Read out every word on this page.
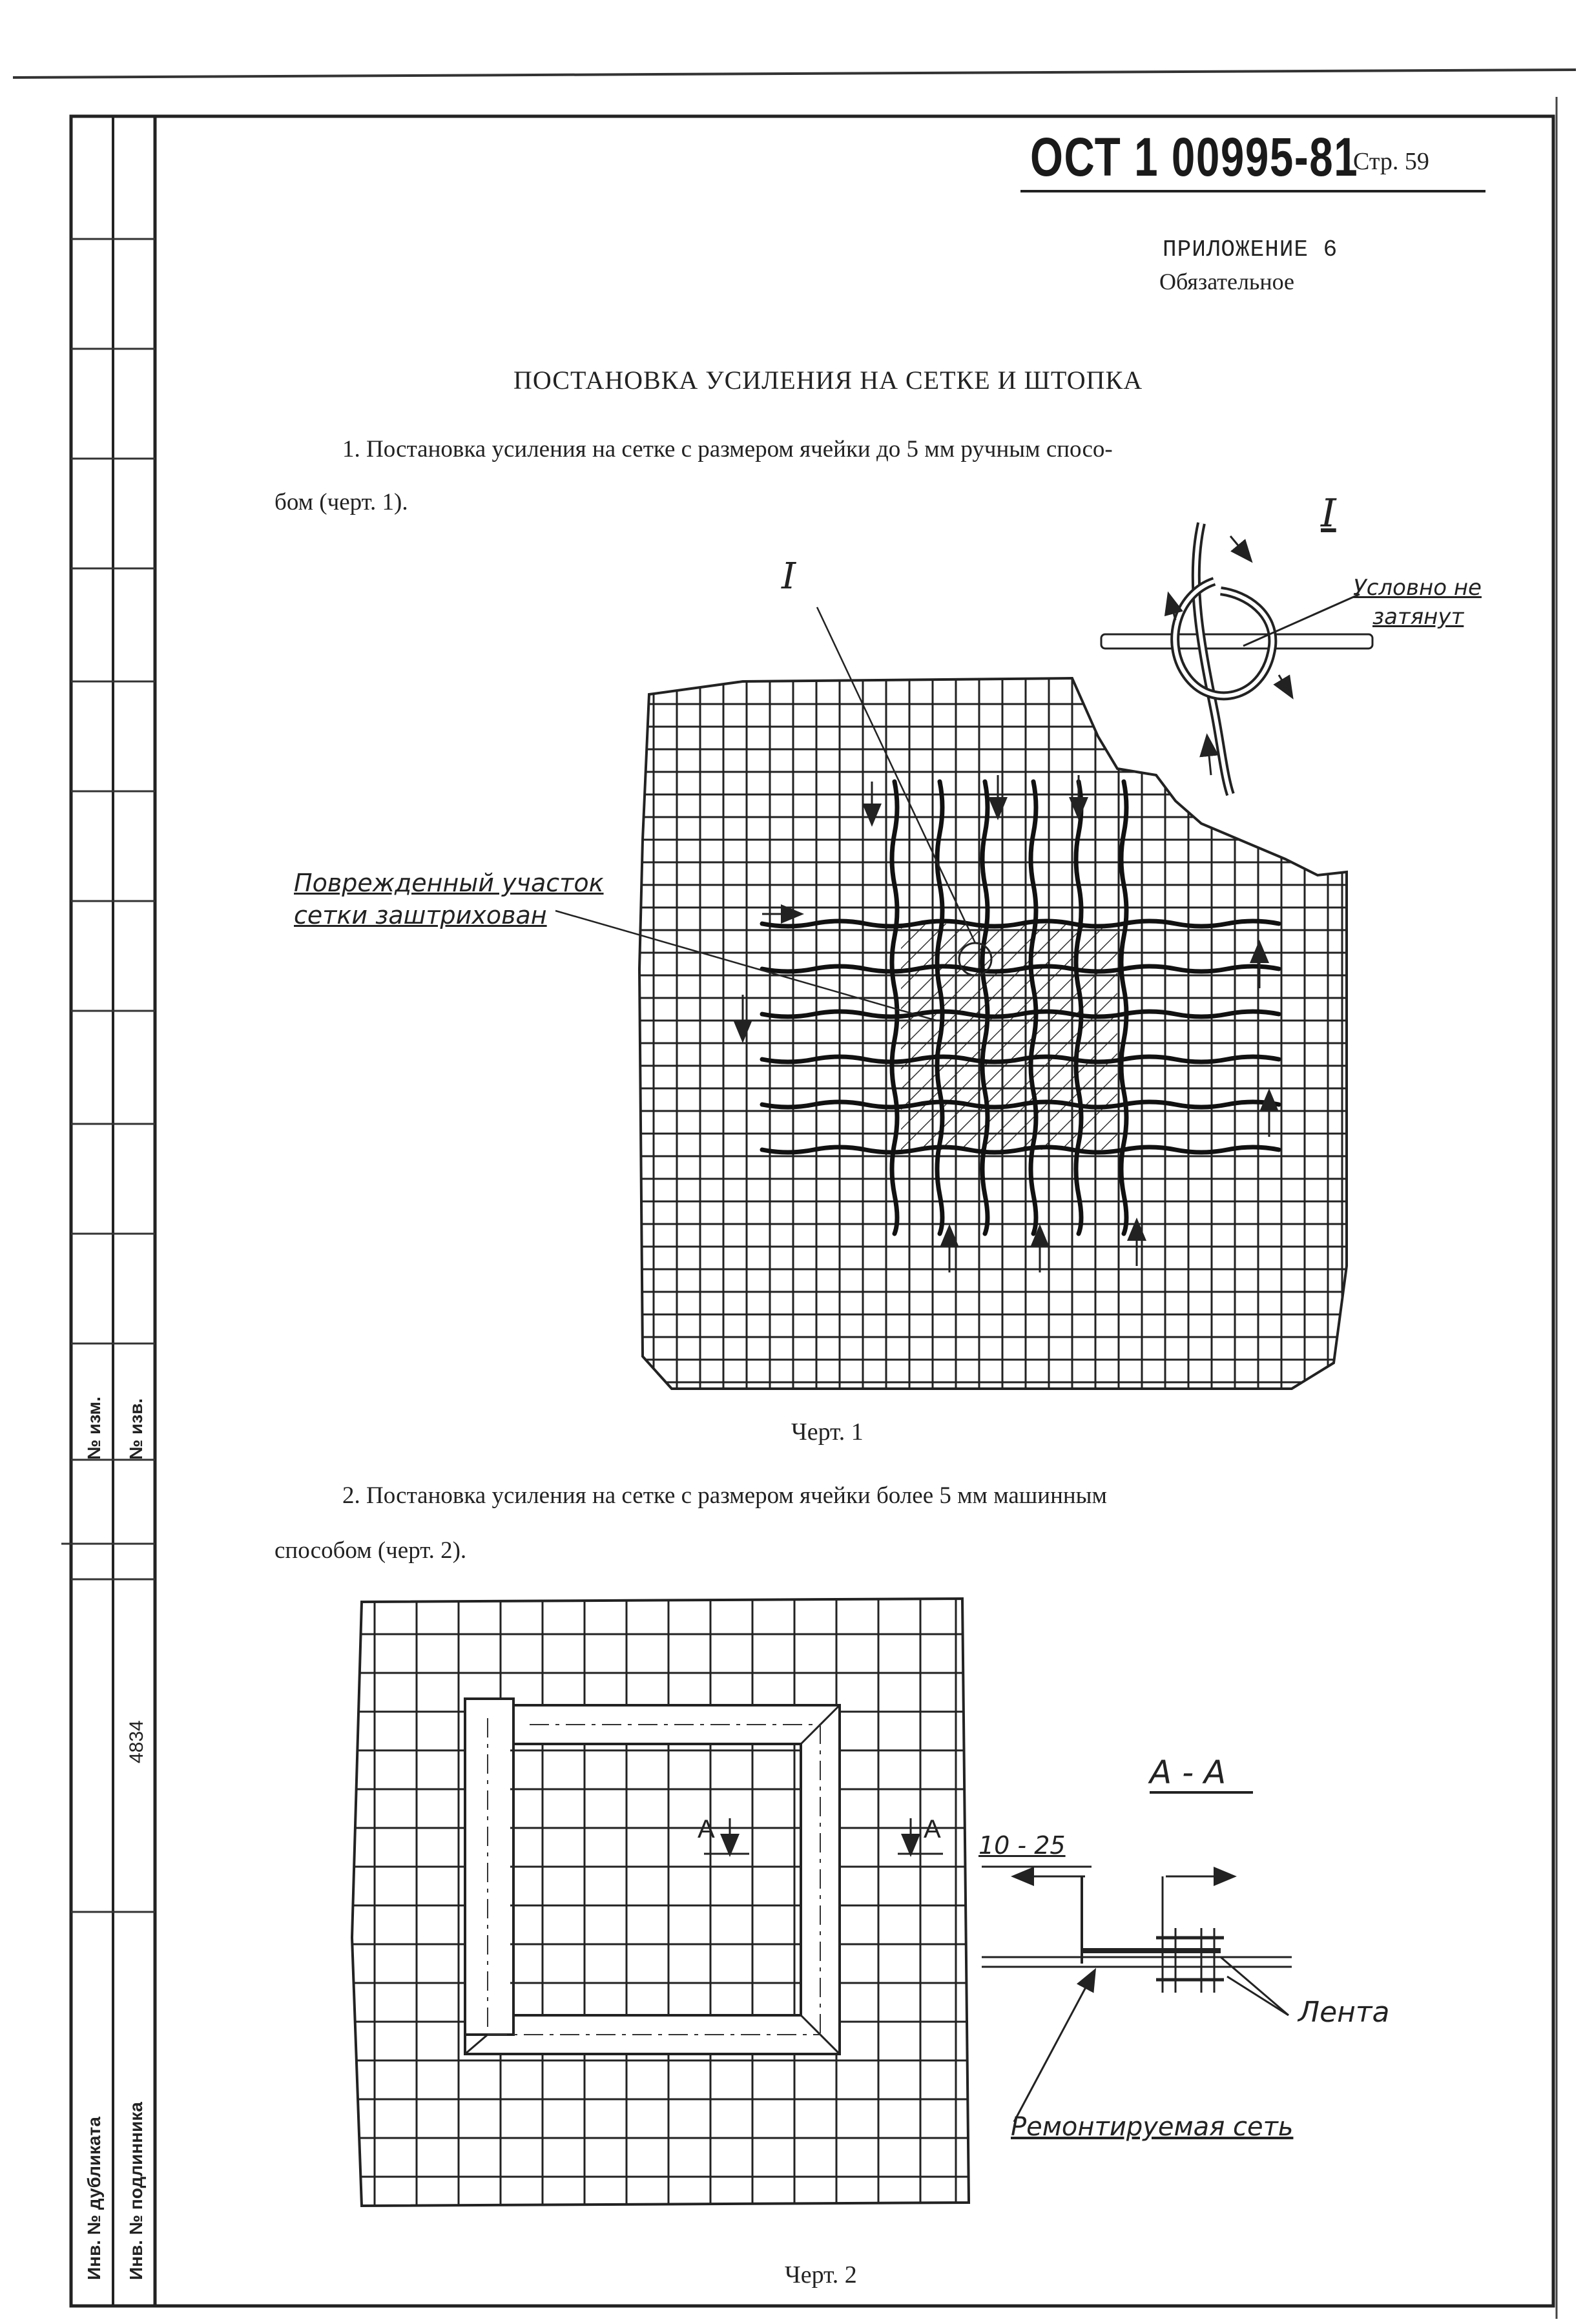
№ изм. № изв.
4834
Инв. № дубликата Инв. № подлинника
ОСТ 1 00995-81
Стр. 59
ПРИЛОЖЕНИЕ 6
Обязательное
ПОСТАНОВКА УСИЛЕНИЯ НА СЕТКЕ И ШТОПКА
1. Постановка усиления на сетке с размером ячейки до 5 мм ручным спосо-
бом (черт. 1).
I
I
Условно не
затянут
Поврежденный участок
сетки заштрихован
Черт. 1
2. Постановка усиления на сетке с размером ячейки более 5 мм машинным
способом (черт. 2).
А	А
А - А
10 - 25
Лента
Ремонтируемая сеть
Черт. 2
